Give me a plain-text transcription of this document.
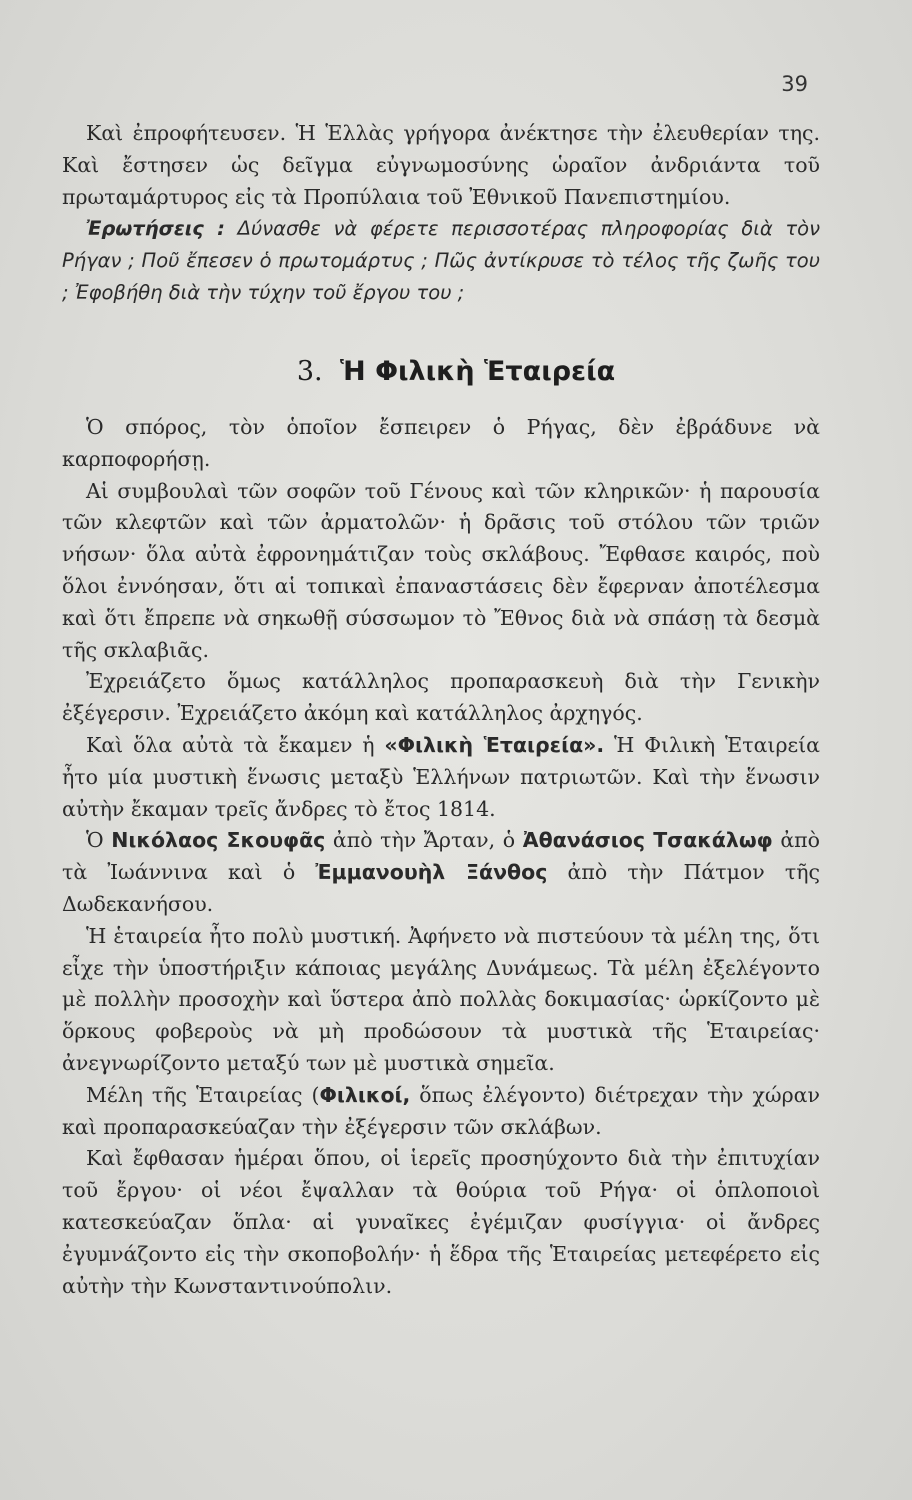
39

Καὶ ἐπροφήτευσεν. Ἡ Ἑλλὰς γρήγορα ἀνέκτησε τὴν ἐλευθερίαν της. Καὶ ἔστησεν ὡς δεῖγμα εὐγνωμοσύνης ὡραῖον ἀνδριάντα τοῦ πρωταμάρτυρος εἰς τὰ Προπύλαια τοῦ Ἐθνικοῦ Πανεπιστημίου.

Ἐρωτήσεις : Δύνασθε νὰ φέρετε περισσοτέρας πληροφορίας διὰ τὸν Ρήγαν ; Ποῦ ἔπεσεν ὁ πρωτομάρτυς ; Πῶς ἀντίκρυσε τὸ τέλος τῆς ζωῆς του ; Ἐφοβήθη διὰ τὴν τύχην τοῦ ἔργου του ;

3. Ἡ Φιλικὴ Ἑταιρεία

Ὁ σπόρος, τὸν ὁποῖον ἔσπειρεν ὁ Ρήγας, δὲν ἐβράδυνε νὰ καρποφορήσῃ.

Αἱ συμβουλαὶ τῶν σοφῶν τοῦ Γένους καὶ τῶν κληρικῶν· ἡ παρουσία τῶν κλεφτῶν καὶ τῶν ἀρματολῶν· ἡ δρᾶσις τοῦ στόλου τῶν τριῶν νήσων· ὅλα αὐτὰ ἐφρονημάτιζαν τοὺς σκλάβους. Ἔφθασε καιρός, ποὺ ὅλοι ἐννόησαν, ὅτι αἱ τοπικαὶ ἐπαναστάσεις δὲν ἔφερναν ἀποτέλεσμα καὶ ὅτι ἔπρεπε νὰ σηκωθῇ σύσσωμον τὸ Ἔθνος διὰ νὰ σπάσῃ τὰ δεσμὰ τῆς σκλαβιᾶς.

Ἐχρειάζετο ὅμως κατάλληλος προπαρασκευὴ διὰ τὴν Γενικὴν ἐξέγερσιν. Ἐχρειάζετο ἀκόμη καὶ κατάλληλος ἀρχηγός.

Καὶ ὅλα αὐτὰ τὰ ἔκαμεν ἡ «Φιλικὴ Ἑταιρεία». Ἡ Φιλικὴ Ἑταιρεία ἦτο μία μυστικὴ ἕνωσις μεταξὺ Ἑλλήνων πατριωτῶν. Καὶ τὴν ἕνωσιν αὐτὴν ἔκαμαν τρεῖς ἄνδρες τὸ ἔτος 1814.

Ὁ Νικόλαος Σκουφᾶς ἀπὸ τὴν Ἄρταν, ὁ Ἀθανάσιος Τσακάλωφ ἀπὸ τὰ Ἰωάννινα καὶ ὁ Ἐμμανουὴλ Ξάνθος ἀπὸ τὴν Πάτμον τῆς Δωδεκανήσου.

Ἡ ἑταιρεία ἦτο πολὺ μυστική. Ἀφήνετο νὰ πιστεύουν τὰ μέλη της, ὅτι εἶχε τὴν ὑποστήριξιν κάποιας μεγάλης Δυνάμεως. Τὰ μέλη ἐξελέγοντο μὲ πολλὴν προσοχὴν καὶ ὕστερα ἀπὸ πολλὰς δοκιμασίας· ὡρκίζοντο μὲ ὅρκους φοβεροὺς νὰ μὴ προδώσουν τὰ μυστικὰ τῆς Ἑταιρείας· ἀνεγνωρίζοντο μεταξύ των μὲ μυστικὰ σημεῖα.

Μέλη τῆς Ἑταιρείας (Φιλικοί, ὅπως ἐλέγοντο) διέτρεχαν τὴν χώραν καὶ προπαρασκεύαζαν τὴν ἐξέγερσιν τῶν σκλάβων.

Καὶ ἔφθασαν ἡμέραι ὅπου, οἱ ἱερεῖς προσηύχοντο διὰ τὴν ἐπιτυχίαν τοῦ ἔργου· οἱ νέοι ἔψαλλαν τὰ θούρια τοῦ Ρήγα· οἱ ὁπλοποιοὶ κατεσκεύαζαν ὅπλα· αἱ γυναῖκες ἐγέμιζαν φυσίγγια· οἱ ἄνδρες ἐγυμνάζοντο εἰς τὴν σκοποβολήν· ἡ ἕδρα τῆς Ἑταιρείας μετεφέρετο εἰς αὐτὴν τὴν Κωνσταντινούπολιν.
